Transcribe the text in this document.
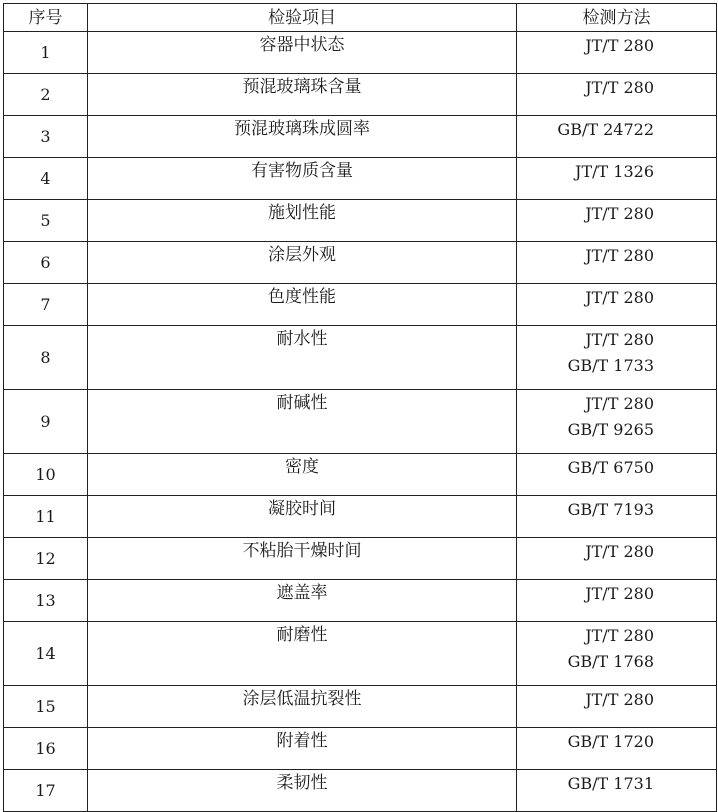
序号	检验项目	检测方法
1	容器中状态	JT/T 280

2	预混玻璃珠含量	JT/T 280

3	预混玻璃珠成圆率	GB/T 24722

4	有害物质含量	JT/T 1326

5	施划性能	JT/T 280

6	涂层外观	JT/T 280

7	色度性能	JT/T 280

8	耐水性	JT/T 280
GB/T 1733

9	耐碱性	JT/T 280
GB/T 9265

10	密度	GB/T 6750

11	凝胶时间	GB/T 7193

12	不粘胎干燥时间	JT/T 280

13	遮盖率	JT/T 280

14	耐磨性	JT/T 280
GB/T 1768

15	涂层低温抗裂性	JT/T 280

16	附着性	GB/T 1720

17	柔韧性	GB/T 1731
